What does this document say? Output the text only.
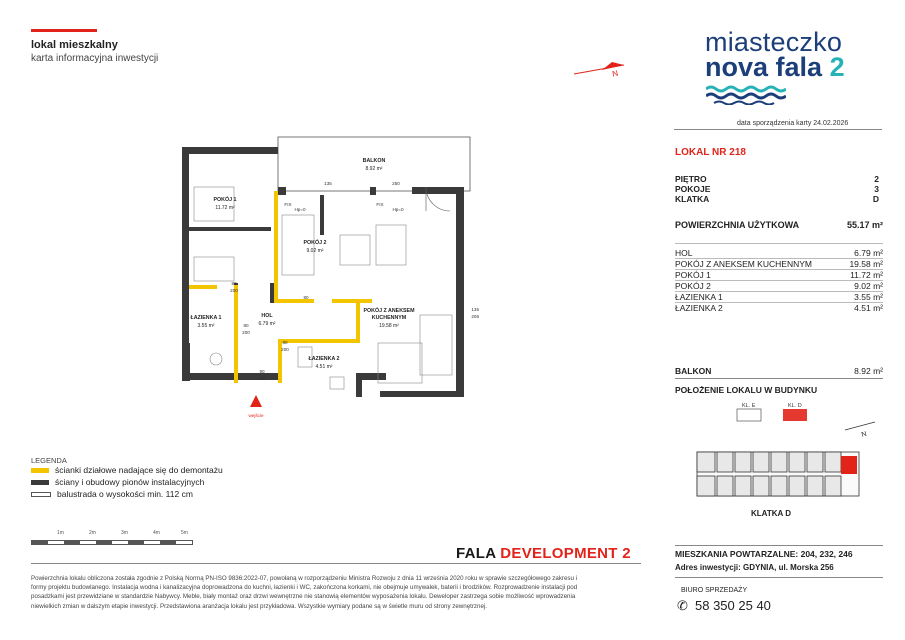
lokal mieszkalny
karta informacyjna inwestycji
N
miasteczko
nova fala 2
data sporządzenia karty 24.02.2026
LOKAL NR 218
PIĘTRO	2
POKOJE	3
KLATKA	D
POWIERZCHNIA UŻYTKOWA	55.17 m²
HOL	6.79 m²
POKÓJ Z ANEKSEM KUCHENNYM	19.58 m²
POKÓJ 1	11.72 m²
POKÓJ 2	9.02 m²
ŁAZIENKA 1	3.55 m²
ŁAZIENKA 2	4.51 m²
BALKON	8.92 m²
POŁOŻENIE LOKALU W BUDYNKU
KL. E	KL. D
N
KLATKA D
MIESZKANIA POWTARZALNE: 204, 232, 246
Adres inwestycji: GDYNIA, ul. Morska 256
BIURO SPRZEDAŻY
✆ 58 350 25 40
BALKON
POKÓJ 1
POKÓJ 2
HOL
ŁAZIENKA 1
ŁAZIENKA 2
POKÓJ Z ANEKSEM
KUCHENNYM
8.92 m²
11.72 m²
9.02 m²
6.79 m²
3.55 m²
4.51 m²
19.58 m²
FIX
Hp=0
FIX
Hp=0
80
200
80
200
80
80
200
90
200
135
206
135	250
wejście
LEGENDA
ścianki działowe nadające się do demontażu
ściany i obudowy pionów instalacyjnych
balustrada o wysokości min. 112 cm
1m	2m	3m	4m	5m
FALA DEVELOPMENT 2
Powierzchnia lokalu obliczona została zgodnie z Polską Normą PN-ISO 9836:2022-07, powołaną w rozporządzeniu Ministra Rozwoju z dnia 11 września 2020 roku w sprawie szczegółowego zakresu i formy projektu budowlanego. Instalacja wodna i kanalizacyjna doprowadzona do kuchni, łazienki i WC, zakończona korkami, nie obejmuje umywalek, baterii i brodzików. Rozprowadzenie instalacji pod posadzkami jest przewidziane w standardzie Nabywcy. Meble, biały montaż oraz drzwi wewnętrzne nie stanowią elementów wyposażenia lokalu. Deweloper zastrzega sobie możliwość wprowadzenia niewielkich zmian w dalszym etapie inwestycji. Przedstawiona aranżacja lokalu jest przykładowa. Wszystkie wymiary podane są w świetle muru od strony zewnętrznej.
